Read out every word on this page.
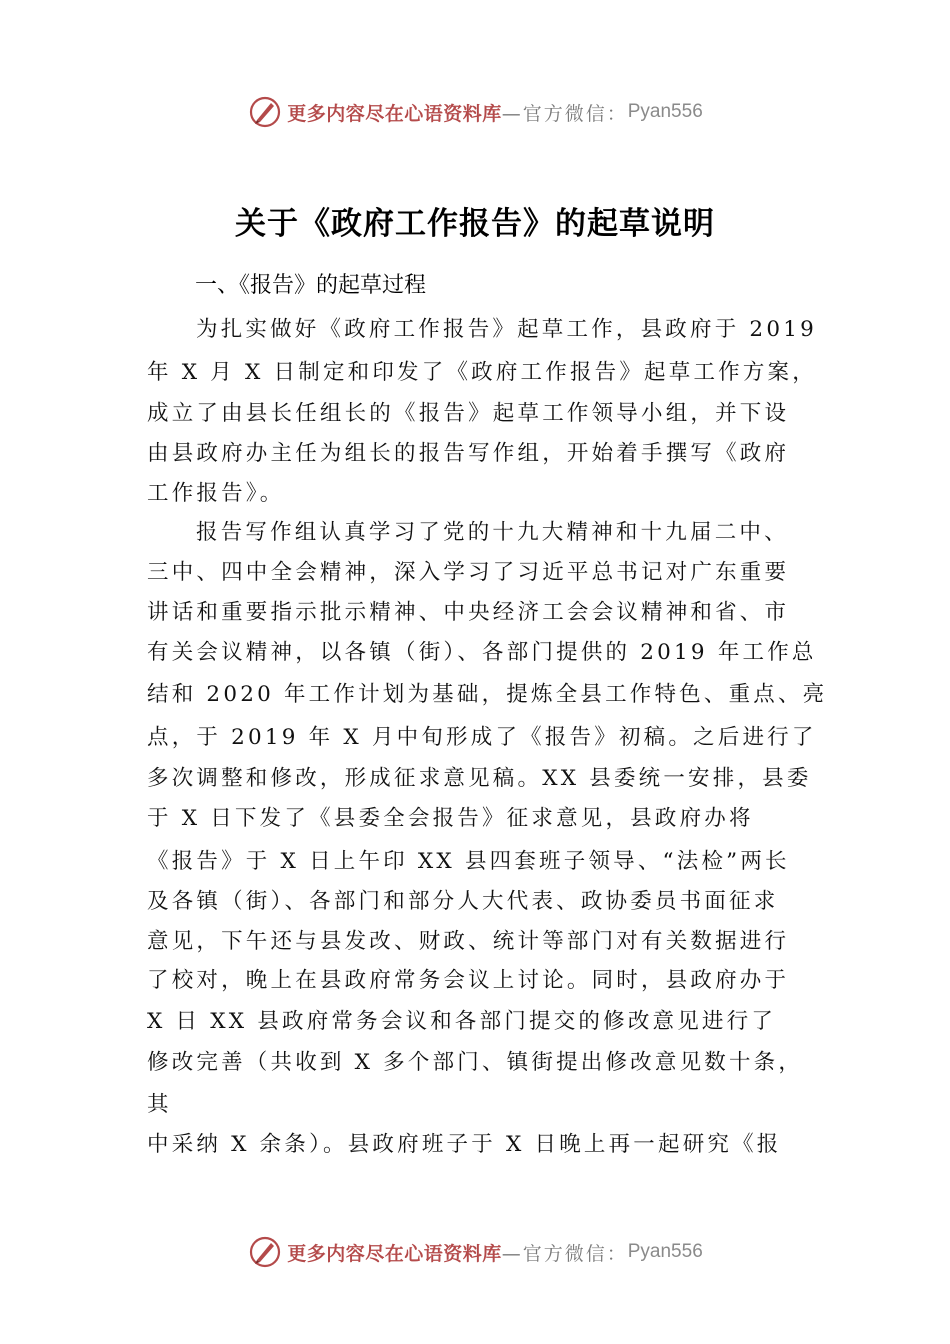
更多内容尽在心语资料库 —官方微信： Pyan556
关于《政府工作报告》的起草说明
一、《报告》的起草过程
为扎实做好《政府工作报告》起草工作，县政府于 2019
年 X 月 X 日制定和印发了《政府工作报告》起草工作方案，
成立了由县长任组长的《报告》起草工作领导小组，并下设
由县政府办主任为组长的报告写作组，开始着手撰写《政府
工作报告》。
报告写作组认真学习了党的十九大精神和十九届二中、
三中、四中全会精神，深入学习了习近平总书记对广东重要
讲话和重要指示批示精神、中央经济工会会议精神和省、市
有关会议精神，以各镇（街）、各部门提供的 2019 年工作总
结和 2020 年工作计划为基础，提炼全县工作特色、重点、亮
点，于 2019 年 X 月中旬形成了《报告》初稿。之后进行了
多次调整和修改，形成征求意见稿。XX 县委统一安排，县委
于 X 日下发了《县委全会报告》征求意见，县政府办将
《报告》于 X 日上午印 XX 县四套班子领导、“法检”两长
及各镇（街）、各部门和部分人大代表、政协委员书面征求
意见，下午还与县发改、财政、统计等部门对有关数据进行
了校对，晚上在县政府常务会议上讨论。同时，县政府办于
X 日 XX 县政府常务会议和各部门提交的修改意见进行了
修改完善（共收到 X 多个部门、镇街提出修改意见数十条，
其
中采纳 X 余条）。县政府班子于 X 日晚上再一起研究《报
更多内容尽在心语资料库 —官方微信： Pyan556
